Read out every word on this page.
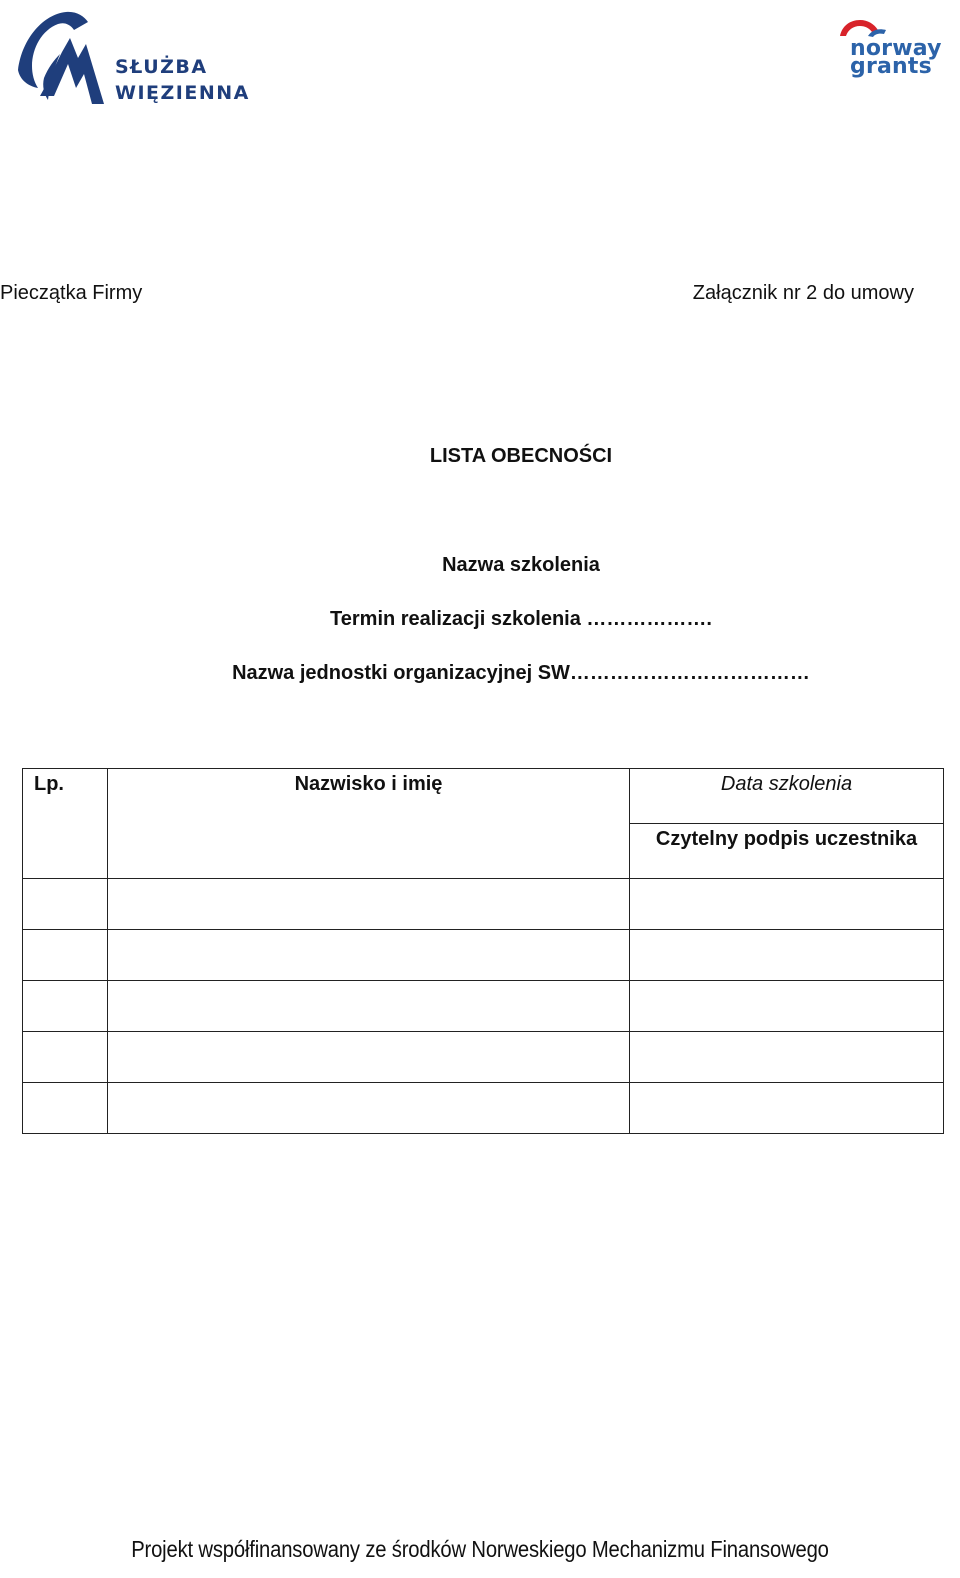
SŁUŻBA
WIĘZIENNA
norway
grants
Pieczątka Firmy	Załącznik nr 2 do umowy
LISTA OBECNOŚCI
Nazwa szkolenia
Termin realizacji szkolenia ……………….
Nazwa jednostki organizacyjnej SW………………………………
Lp.	Nazwisko i imię	Data szkolenia
		Czytelny podpis uczestnika

Projekt współfinansowany ze środków Norweskiego Mechanizmu Finansowego
